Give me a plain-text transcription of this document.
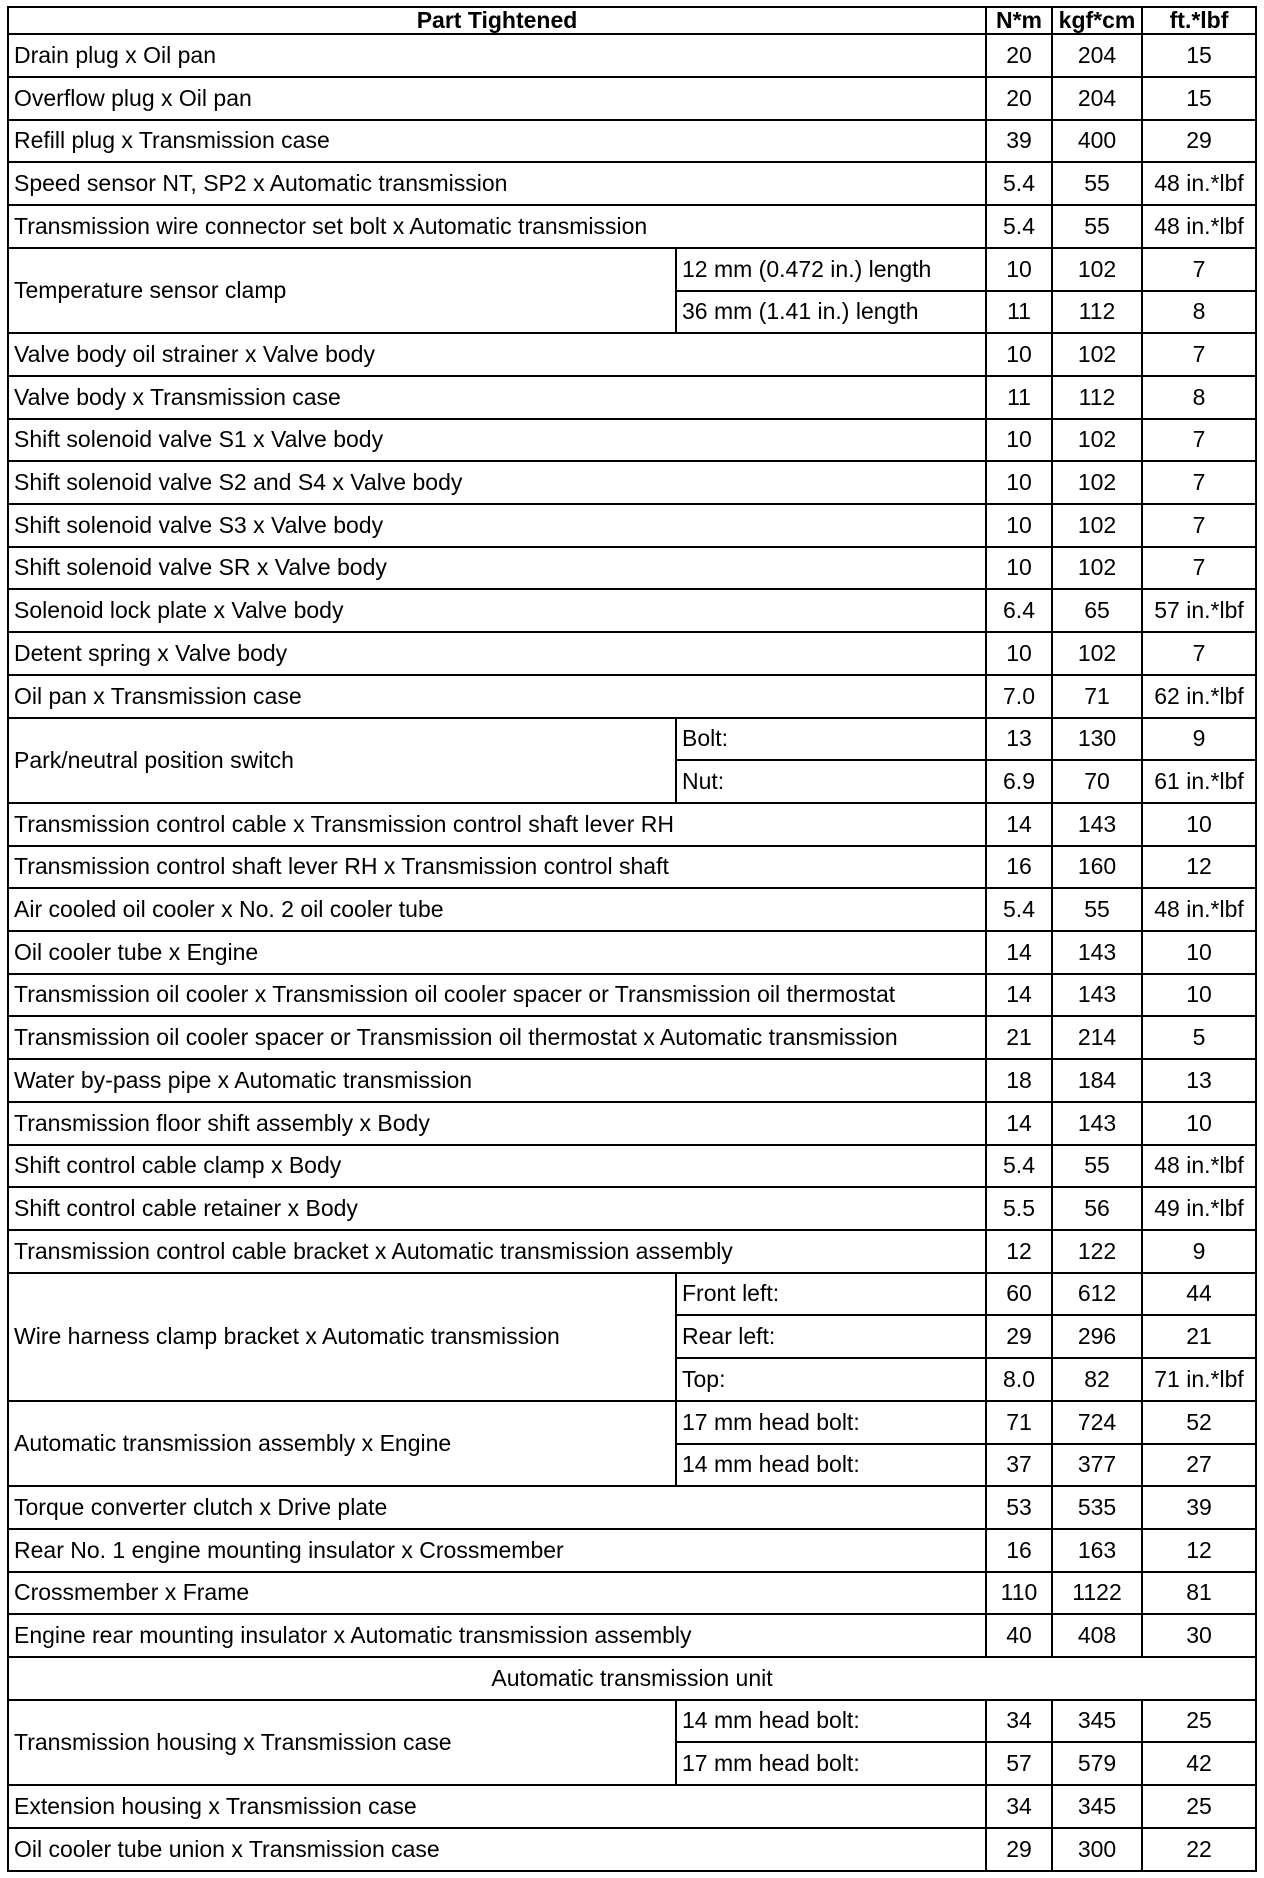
Part Tightened		N*m	kgf*cm	ft.*lbf
Drain plug x Oil pan		20	204	15
Overflow plug x Oil pan		20	204	15
Refill plug x Transmission case		39	400	29
Speed sensor NT, SP2 x Automatic transmission		5.4	55	48 in.*lbf
Transmission wire connector set bolt x Automatic transmission		5.4	55	48 in.*lbf
Temperature sensor clamp	12 mm (0.472 in.) length	10	102	7
	36 mm (1.41 in.) length	11	112	8
Valve body oil strainer x Valve body		10	102	7
Valve body x Transmission case		11	112	8
Shift solenoid valve S1 x Valve body		10	102	7
Shift solenoid valve S2 and S4 x Valve body		10	102	7
Shift solenoid valve S3 x Valve body		10	102	7
Shift solenoid valve SR x Valve body		10	102	7
Solenoid lock plate x Valve body		6.4	65	57 in.*lbf
Detent spring x Valve body		10	102	7
Oil pan x Transmission case		7.0	71	62 in.*lbf
Park/neutral position switch	Bolt:	13	130	9
	Nut:	6.9	70	61 in.*lbf
Transmission control cable x Transmission control shaft lever RH		14	143	10
Transmission control shaft lever RH x Transmission control shaft		16	160	12
Air cooled oil cooler x No. 2 oil cooler tube		5.4	55	48 in.*lbf
Oil cooler tube x Engine		14	143	10
Transmission oil cooler x Transmission oil cooler spacer or Transmission oil thermostat		14	143	10
Transmission oil cooler spacer or Transmission oil thermostat x Automatic transmission		21	214	5
Water by-pass pipe x Automatic transmission		18	184	13
Transmission floor shift assembly x Body		14	143	10
Shift control cable clamp x Body		5.4	55	48 in.*lbf
Shift control cable retainer x Body		5.5	56	49 in.*lbf
Transmission control cable bracket x Automatic transmission assembly		12	122	9
Wire harness clamp bracket x Automatic transmission	Front left:	60	612	44
	Rear left:	29	296	21
	Top:	8.0	82	71 in.*lbf
Automatic transmission assembly x Engine	17 mm head bolt:	71	724	52
	14 mm head bolt:	37	377	27
Torque converter clutch x Drive plate		53	535	39
Rear No. 1 engine mounting insulator x Crossmember		16	163	12
Crossmember x Frame		110	1122	81
Engine rear mounting insulator x Automatic transmission assembly		40	408	30
Automatic transmission unit				
Transmission housing x Transmission case	14 mm head bolt:	34	345	25
	17 mm head bolt:	57	579	42
Extension housing x Transmission case		34	345	25
Oil cooler tube union x Transmission case		29	300	22
